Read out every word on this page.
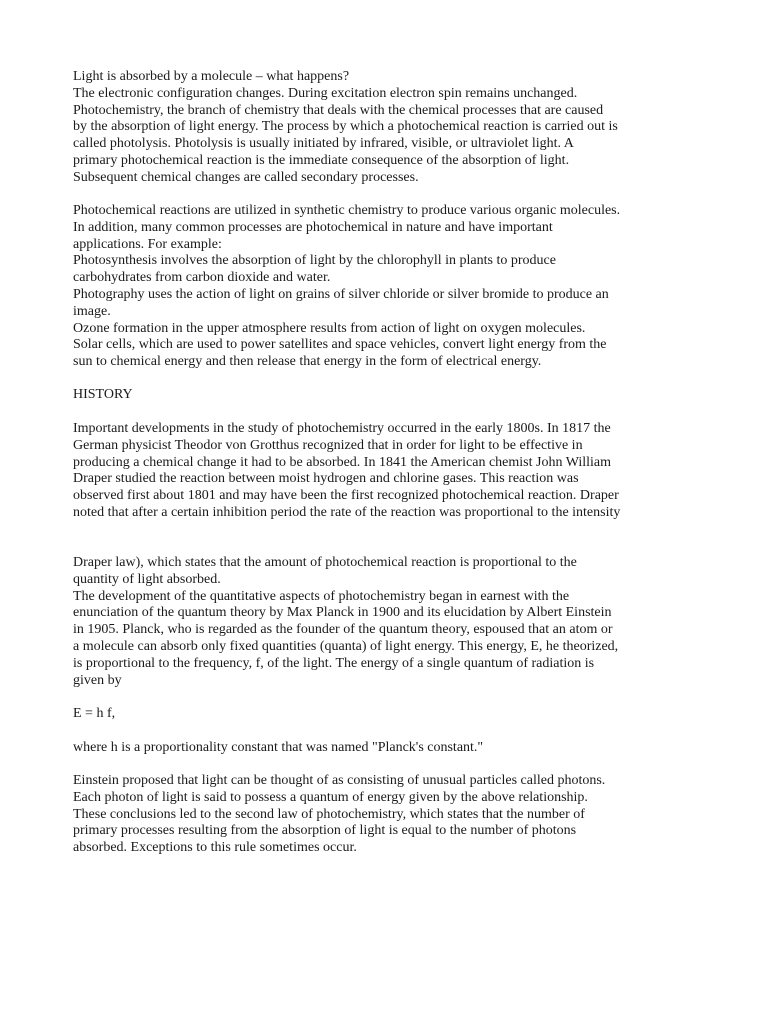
Light is absorbed by a molecule – what happens?
The electronic configuration changes. During excitation electron spin remains unchanged.
Photochemistry, the branch of chemistry that deals with the chemical processes that are caused
by the absorption of light energy. The process by which a photochemical reaction is carried out is
called photolysis. Photolysis is usually initiated by infrared, visible, or ultraviolet light. A
primary photochemical reaction is the immediate consequence of the absorption of light.
Subsequent chemical changes are called secondary processes.

Photochemical reactions are utilized in synthetic chemistry to produce various organic molecules.
In addition, many common processes are photochemical in nature and have important
applications. For example:
Photosynthesis involves the absorption of light by the chlorophyll in plants to produce
carbohydrates from carbon dioxide and water.
Photography uses the action of light on grains of silver chloride or silver bromide to produce an
image.
Ozone formation in the upper atmosphere results from action of light on oxygen molecules.
Solar cells, which are used to power satellites and space vehicles, convert light energy from the
sun to chemical energy and then release that energy in the form of electrical energy.

HISTORY

Important developments in the study of photochemistry occurred in the early 1800s. In 1817 the
German physicist Theodor von Grotthus recognized that in order for light to be effective in
producing a chemical change it had to be absorbed. In 1841 the American chemist John William
Draper studied the reaction between moist hydrogen and chlorine gases. This reaction was
observed first about 1801 and may have been the first recognized photochemical reaction. Draper
noted that after a certain inhibition period the rate of the reaction was proportional to the intensity

Draper law), which states that the amount of photochemical reaction is proportional to the
quantity of light absorbed.
The development of the quantitative aspects of photochemistry began in earnest with the
enunciation of the quantum theory by Max Planck in 1900 and its elucidation by Albert Einstein
in 1905. Planck, who is regarded as the founder of the quantum theory, espoused that an atom or
a molecule can absorb only fixed quantities (quanta) of light energy. This energy, E, he theorized,
is proportional to the frequency, f, of the light. The energy of a single quantum of radiation is
given by

E = h f,

where h is a proportionality constant that was named "Planck's constant."

Einstein proposed that light can be thought of as consisting of unusual particles called photons.
Each photon of light is said to possess a quantum of energy given by the above relationship.
These conclusions led to the second law of photochemistry, which states that the number of
primary processes resulting from the absorption of light is equal to the number of photons
absorbed. Exceptions to this rule sometimes occur.
